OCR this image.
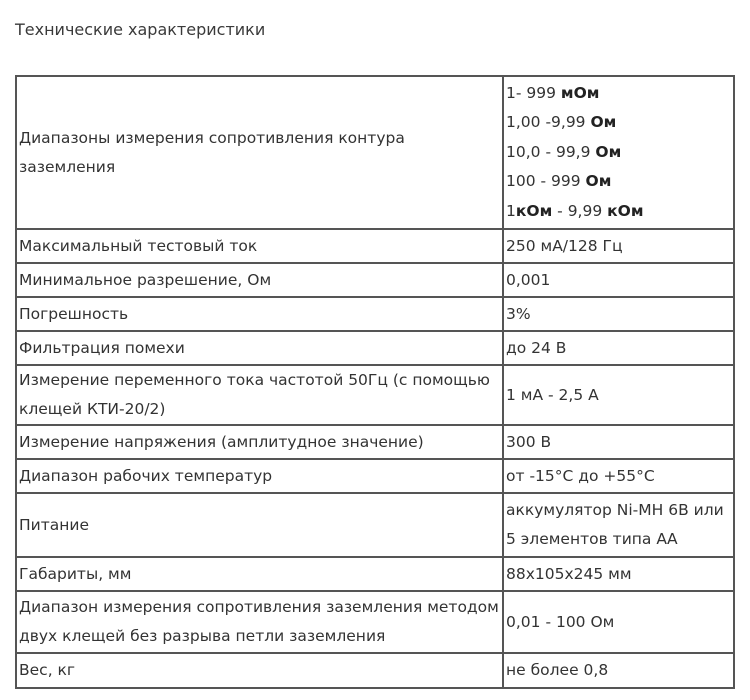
Технические характеристики
Диапазоны измерения сопротивления контура заземления	1- 999 мОм
1,00 -9,99 Ом
10,0 - 99,9 Ом
100 - 999 Ом
1кОм - 9,99 кОм

Максимальный тестовый ток	250 мА/128 Гц
Минимальное разрешение, Ом	0,001
Погрешность	3%
Фильтрация помехи	до 24 В
Измерение переменного тока частотой 50Гц (с помощью клещей КТИ-20/2)	1 мА - 2,5 А
Измерение напряжения (амплитудное значение)	300 В
Диапазон рабочих температур	от -15°С до +55°С
Питание	аккумулятор Ni-MH 6В или 5 элементов типа АА
Габариты, мм	88х105х245 мм
Диапазон измерения сопротивления заземления методом двух клещей без разрыва петли заземления	0,01 - 100 Ом
Вес, кг	не более 0,8
